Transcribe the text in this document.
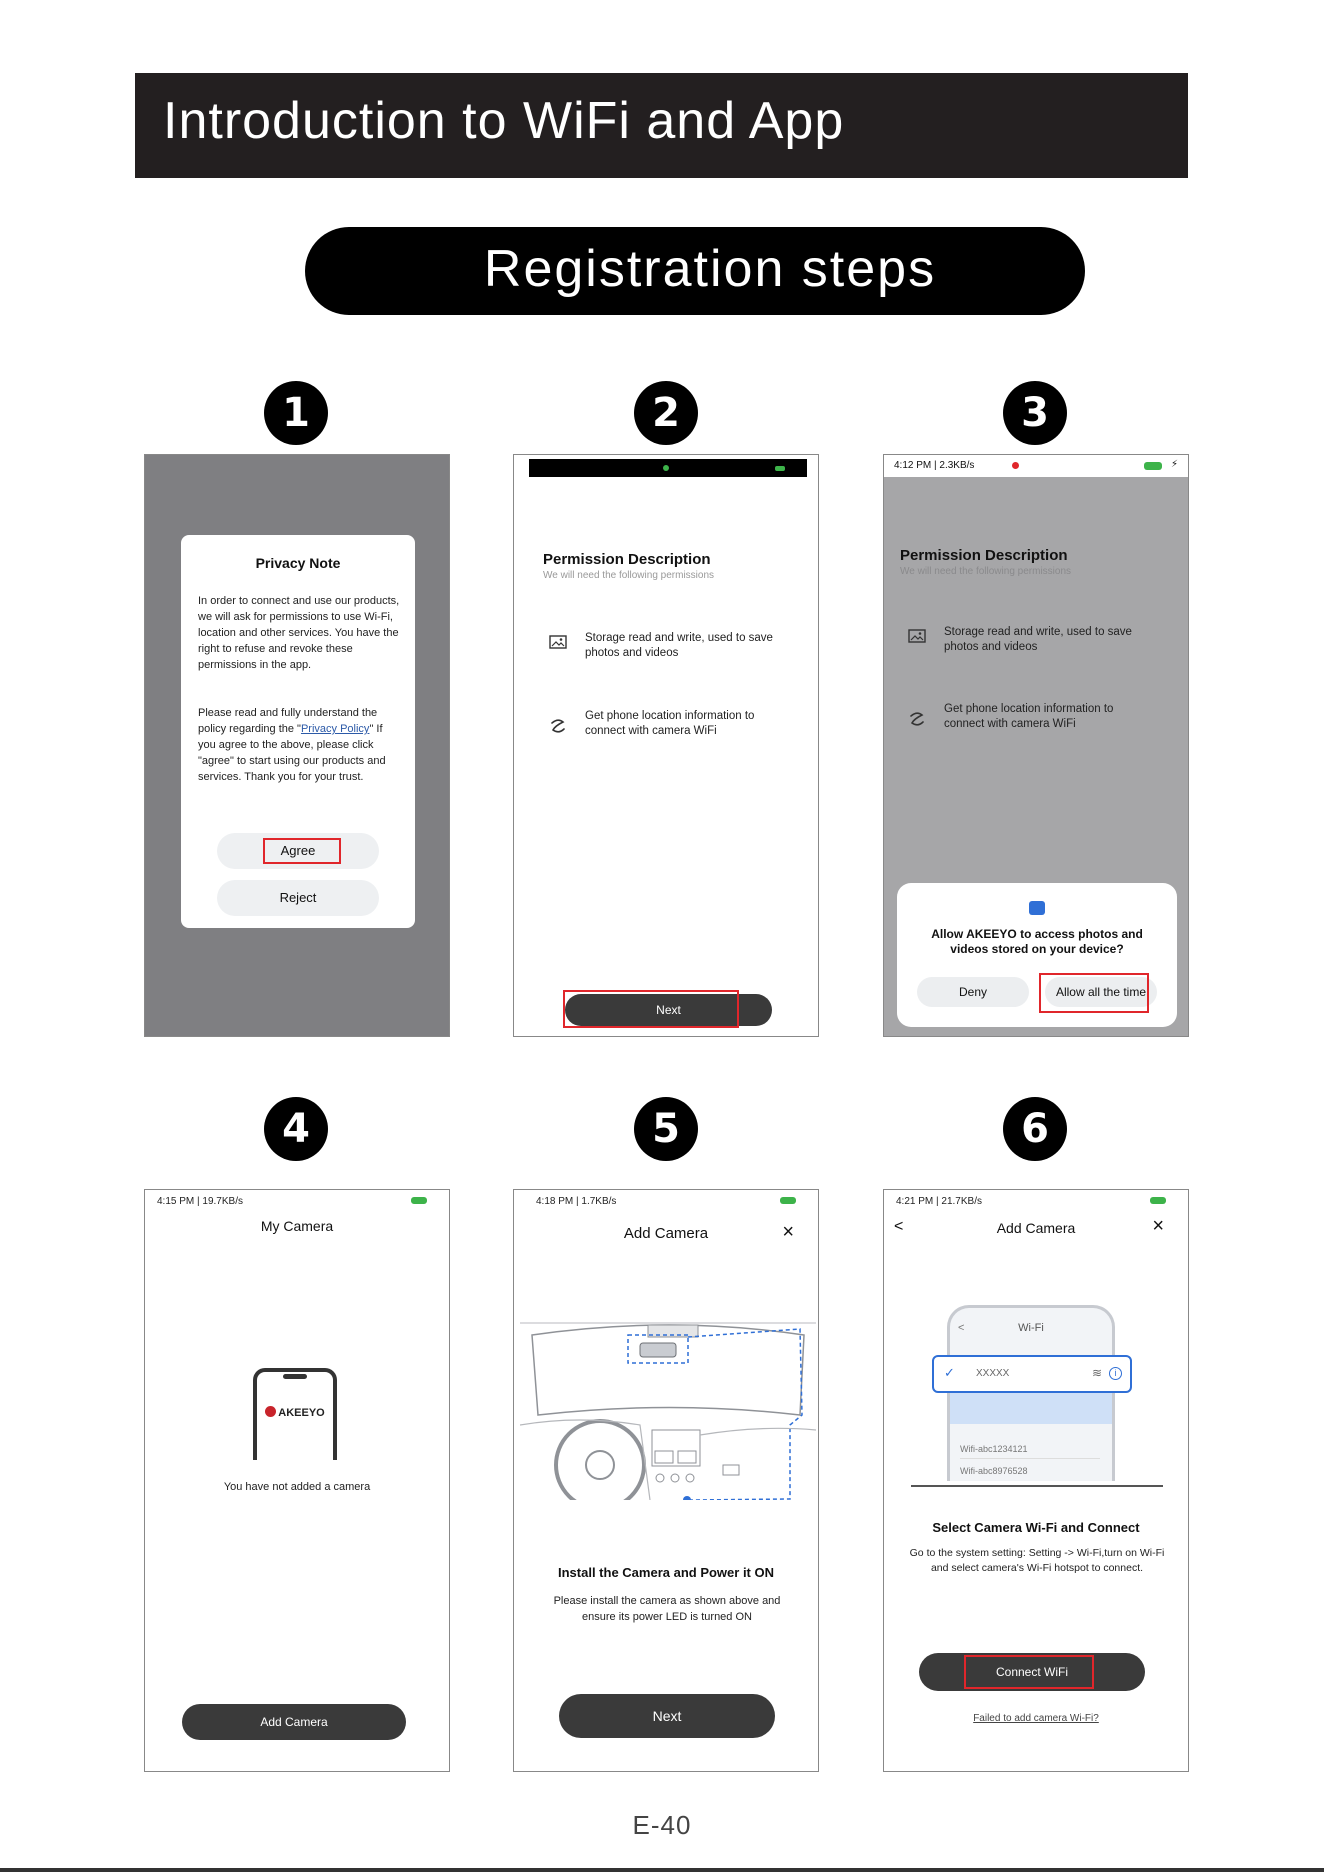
Introduction to WiFi and App
Registration steps
1	2	3
4	5	6
Privacy Note
In order to connect and use our products, we will ask for permissions to use Wi-Fi, location and other services. You have the right to refuse and revoke these permissions in the app.
Please read and fully understand the policy regarding the "Privacy Policy" If you agree to the above, please click "agree" to start using our products and services. Thank you for your trust.
Agree
Reject
Permission Description
We will need the following permissions
Storage read and write, used to save photos and videos
Get phone location information to connect with camera WiFi
Next
4:12 PM | 2.3KB/s	⚡
Permission Description
We will need the following permissions
Storage read and write, used to save photos and videos
Get phone location information to connect with camera WiFi
Allow AKEEYO to access photos and videos stored on your device?
Deny	Allow all the time
4:15 PM | 19.7KB/s
My Camera
AKEEYO
You have not added a camera
Add Camera
4:18 PM | 1.7KB/s
Add Camera	×
Install the Camera and Power it ON
Please install the camera as shown above and ensure its power LED is turned ON
Next
4:21 PM | 21.7KB/s
<	Add Camera	×
<	Wi-Fi
Wifi-abc1234121
Wifi-abc8976528
✓ XXXXX	≋	i
Select Camera Wi-Fi and Connect
Go to the system setting: Setting -> Wi-Fi,turn on Wi-Fi and select camera's Wi-Fi hotspot to connect.
Connect WiFi
Failed to add camera Wi-Fi?
E-40
